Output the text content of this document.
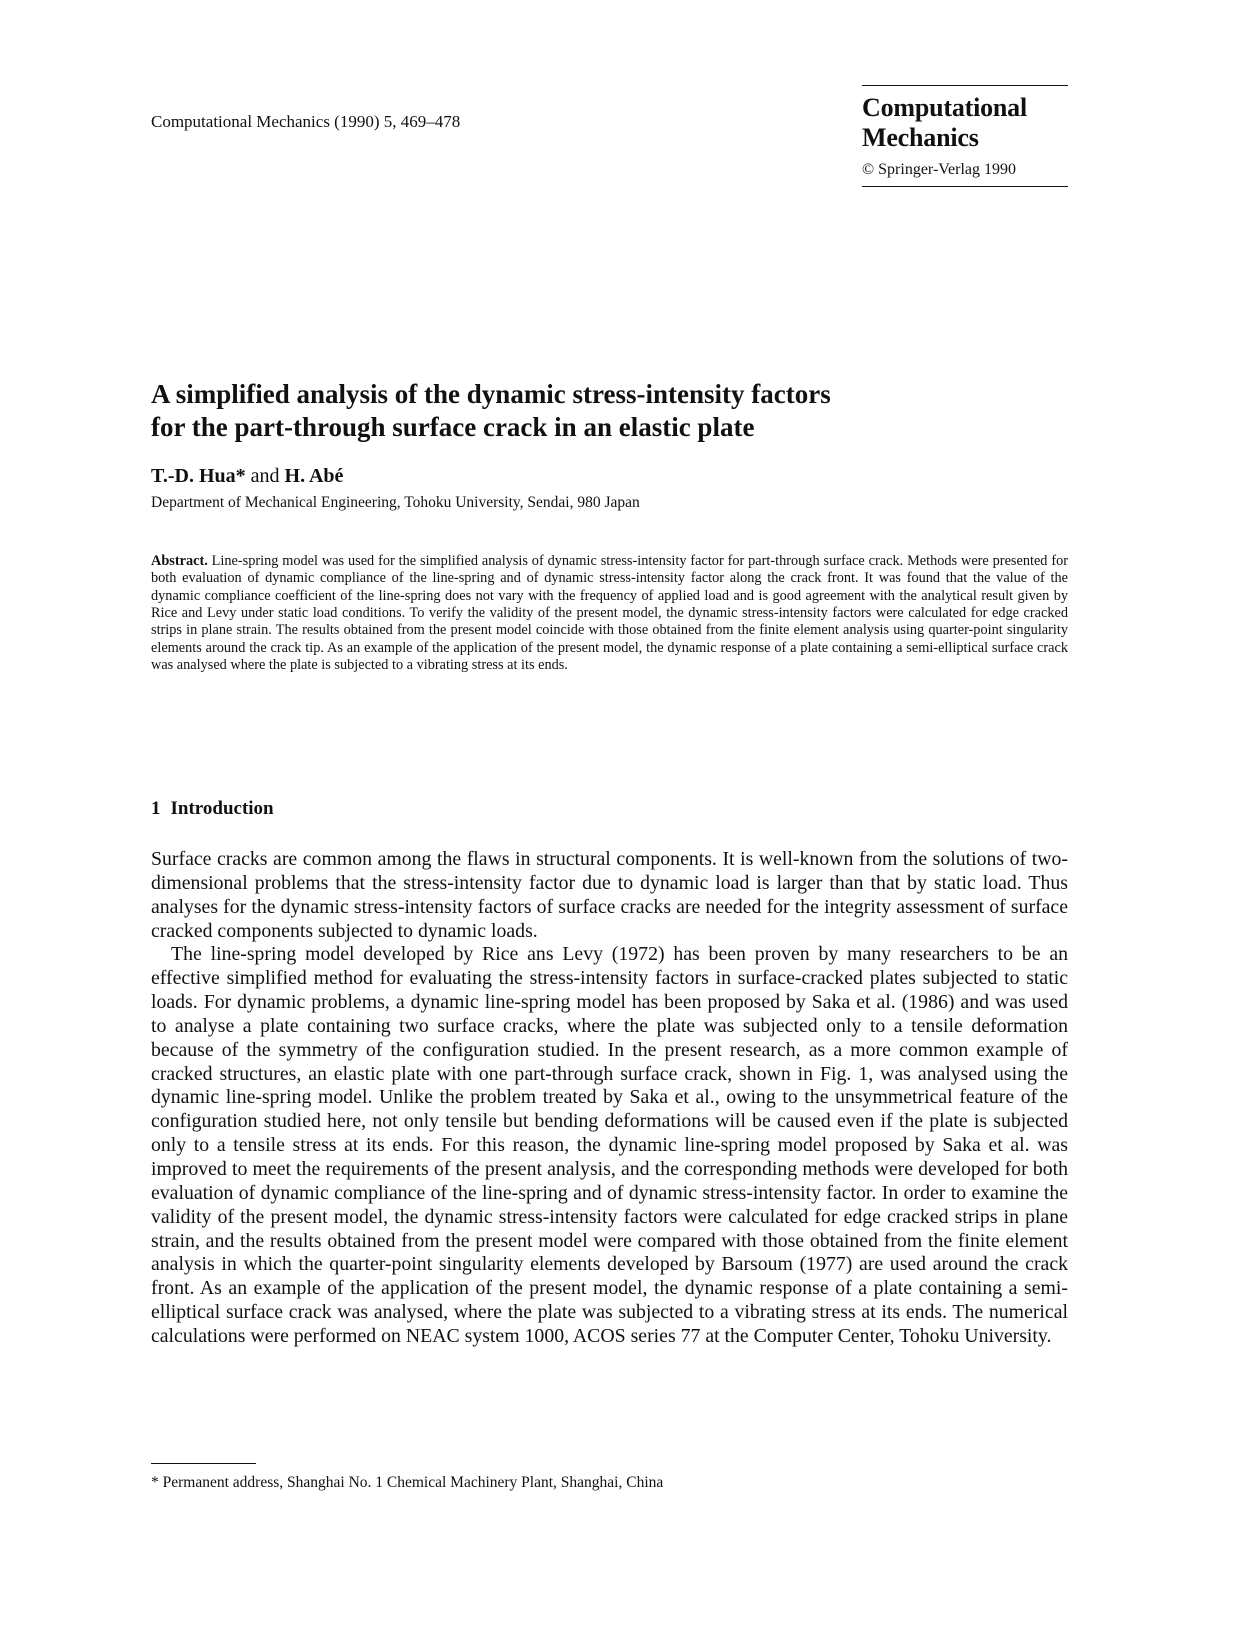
Computational Mechanics (1990) 5, 469–478	Computational
Mechanics
© Springer-Verlag 1990
A simplified analysis of the dynamic stress-intensity factors
for the part-through surface crack in an elastic plate
T.-D. Hua* and H. Abé
Department of Mechanical Engineering, Tohoku University, Sendai, 980 Japan

Abstract. Line-spring model was used for the simplified analysis of dynamic stress-intensity factor for part-through surface crack. Methods were presented for both evaluation of dynamic compliance of the line-spring and of dynamic stress-intensity factor along the crack front. It was found that the value of the dynamic compliance coefficient of the line-spring does not vary with the frequency of applied load and is good agreement with the analytical result given by Rice and Levy under static load conditions. To verify the validity of the present model, the dynamic stress-intensity factors were calculated for edge cracked strips in plane strain. The results obtained from the present model coincide with those obtained from the finite element analysis using quarter-point singularity elements around the crack tip. As an example of the application of the present model, the dynamic response of a plate containing a semi-elliptical surface crack was analysed where the plate is subjected to a vibrating stress at its ends.

1 Introduction

Surface cracks are common among the flaws in structural components. It is well-known from the solutions of two-dimensional problems that the stress-intensity factor due to dynamic load is larger than that by static load. Thus analyses for the dynamic stress-intensity factors of surface cracks are needed for the integrity assessment of surface cracked components subjected to dynamic loads.

The line-spring model developed by Rice ans Levy (1972) has been proven by many researchers to be an effective simplified method for evaluating the stress-intensity factors in surface-cracked plates subjected to static loads. For dynamic problems, a dynamic line-spring model has been proposed by Saka et al. (1986) and was used to analyse a plate containing two surface cracks, where the plate was subjected only to a tensile deformation because of the symmetry of the configuration studied. In the present research, as a more common example of cracked structures, an elastic plate with one part-through surface crack, shown in Fig. 1, was analysed using the dynamic line-spring model. Unlike the problem treated by Saka et al., owing to the unsymmetrical feature of the configuration studied here, not only tensile but bending deformations will be caused even if the plate is subjected only to a tensile stress at its ends. For this reason, the dynamic line-spring model proposed by Saka et al. was improved to meet the requirements of the present analysis, and the corresponding methods were developed for both evaluation of dynamic compliance of the line-spring and of dynamic stress-intensity factor. In order to examine the validity of the present model, the dynamic stress-intensity factors were calculated for edge cracked strips in plane strain, and the results obtained from the present model were compared with those obtained from the finite element analysis in which the quarter-point singularity elements developed by Barsoum (1977) are used around the crack front. As an example of the application of the present model, the dynamic response of a plate containing a semi-elliptical surface crack was analysed, where the plate was subjected to a vibrating stress at its ends. The numerical calculations were performed on NEAC system 1000, ACOS series 77 at the Computer Center, Tohoku University.

* Permanent address, Shanghai No. 1 Chemical Machinery Plant, Shanghai, China
